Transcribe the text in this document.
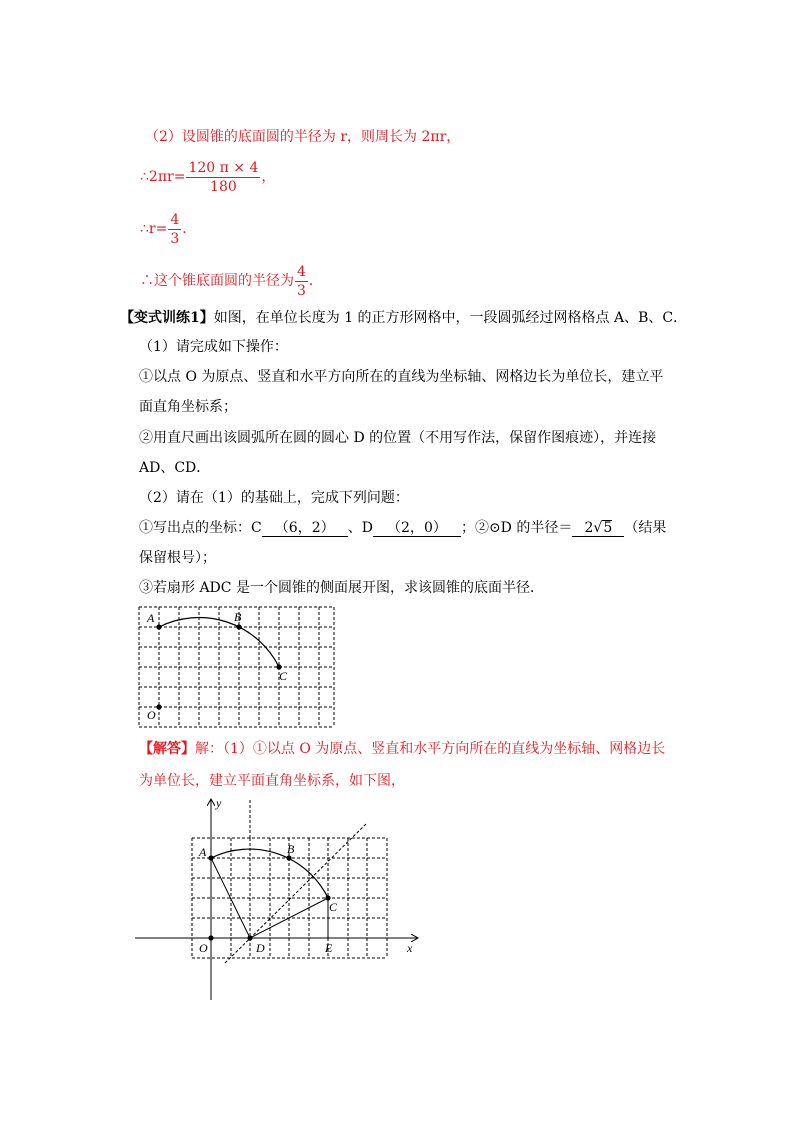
（2）设圆锥的底面圆的半径为 r，则周长为 2πr，
∴2πr= $\frac{120 \pi \times 4}{180}$ ，
∴r= $\frac{4}{3}$ ．
∴这个锥底面圆的半径为 $\frac{4}{3}$ ．
【变式训练1】如图，在单位长度为 1 的正方形网格中，一段圆弧经过网格格点 A、B、C．
（1）请完成如下操作：
①以点 O 为原点、竖直和水平方向所在的直线为坐标轴、网格边长为单位长，建立平
面直角坐标系；
②用直尺画出该圆弧所在圆的圆心 D 的位置（不用写作法，保留作图痕迹），并连接
AD、CD．
（2）请在（1）的基础上，完成下列问题：
①写出点的坐标：C （6，2） 、D （2，0） ；②⊙D 的半径＝ 2√5 （结果
保留根号）；
③若扇形 ADC 是一个圆锥的侧面展开图，求该圆锥的底面半径．
A	B
C
O
【解答】解：（1）①以点 O 为原点、竖直和水平方向所在的直线为坐标轴、网格边长
为单位长，建立平面直角坐标系，如下图，
A	B
C
O	D	E	x
y
